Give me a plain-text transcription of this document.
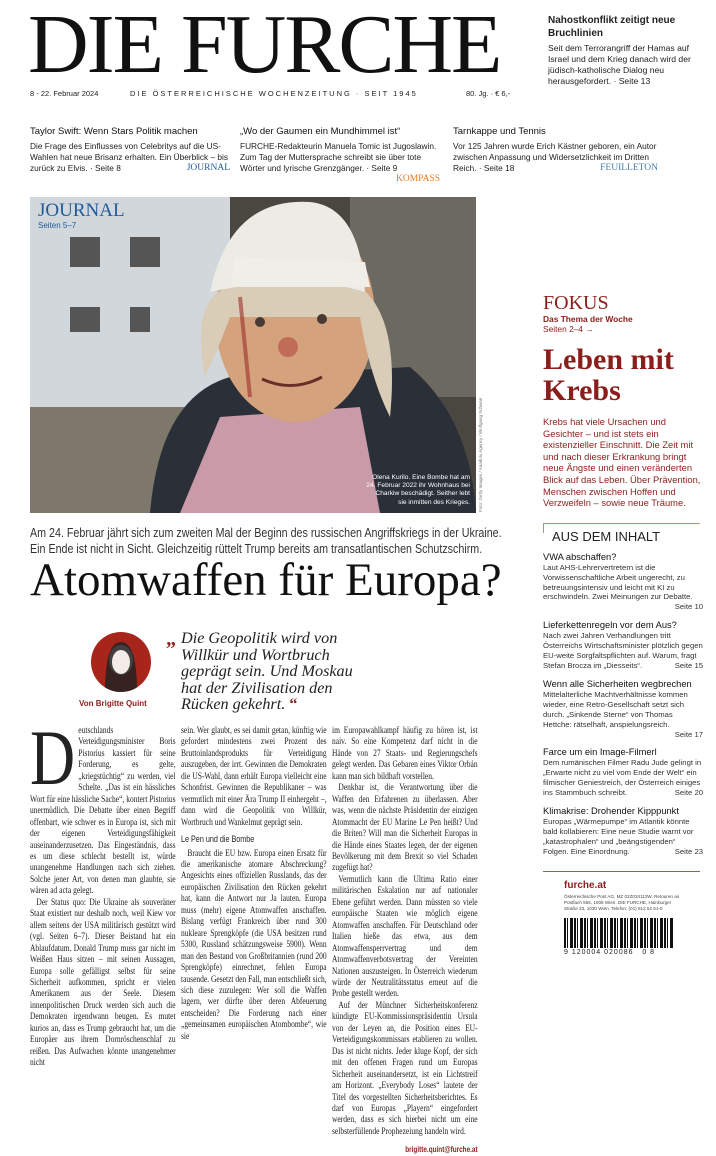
DIE FURCHE
8 - 22. Februar 2024	DIE ÖSTERREICHISCHE WOCHENZEITUNG · SEIT 1945	80. Jg. · € 6,-
Nahostkonflikt zeitigt neue Bruchlinien

Seit dem Terrorangriff der Hamas auf Israel und dem Krieg danach wird der jüdisch-katholische Dialog neu herausgefordert. · Seite 13

Taylor Swift: Wenn Stars Politik machen

Die Frage des Einflusses von Celebritys auf die US-Wahlen hat neue Brisanz erhalten. Ein Überblick – bis zurück zu Elvis. · Seite 8	JOURNAL

„Wo der Gaumen ein Mundhimmel ist“

FURCHE-Redakteurin Manuela Tomic ist Jugoslawin. Zum Tag der Muttersprache schreibt sie über tote Wörter und lyrische Grenzgänger. · Seite 9
KOMPASS

Tarnkappe und Tennis

Vor 125 Jahren wurde Erich Kästner geboren, ein Autor zwischen Anpassung und Widersetzlichkeit im Dritten Reich. · Seite 18	FEUILLETON

JOURNAL
Seiten 5–7
Olena Kurilo. Eine Bombe hat am 24. Februar 2022 ihr Wohnhaus bei Charkiw beschädigt. Seither lebt sie inmitten des Krieges. Foto: Getty Images / Anadolu Agency / Wolfgang Schwan
FOKUS
Das Thema der Woche
Seiten 2–4 →
Leben mit Krebs
Krebs hat viele Ursachen und Gesichter – und ist stets ein existenzieller Einschnitt. Die Zeit mit und nach dieser Erkrankung bringt neue Ängste und einen veränderten Blick auf das Leben. Über Prävention, Menschen zwischen Hoffen und Verzweifeln – sowie neue Träume.
AUS DEM INHALT
VWA abschaffen?

Laut AHS-Lehrervertretern ist die Vorwissenschaftliche Arbeit ungerecht, zu betreuungsintensiv und leicht mit KI zu erschwindeln. Zwei Meinungen zur Debatte.
Seite 10

Lieferkettenregeln vor dem Aus?

Nach zwei Jahren Verhandlungen tritt Österreichs Wirtschaftsminister plötzlich gegen EU-weite Sorgfaltspflichten auf. Warum, fragt Stefan Brocza im „Diesseits“.	Seite 15

Wenn alle Sicherheiten wegbrechen

Mittelalterliche Machtverhältnisse kommen wieder, eine Retro-Gesellschaft setzt sich durch. „Sinkende Sterne“ von Thomas Hettche: rätselhaft, anspielungsreich.
Seite 17

Farce um ein Image-Filmerl

Dem rumänischen Filmer Radu Jude gelingt in „Erwarte nicht zu viel vom Ende der Welt“ ein filmischer Geniestreich, der Österreich einiges ins Stammbuch schreibt.	Seite 20

Klimakrise: Drohender Kipppunkt

Europas „Wärmepumpe“ im Atlantik könnte bald kollabieren: Eine neue Studie warnt vor „katastrophalen“ und „beängstigenden“ Folgen. Eine Einordnung.	Seite 23

furche.at
Österreichische Post AG, MZ 02Z034113W, Retouren an Postfach 555, 1008 Wien. DIE FURCHE, Hainburger Straße 33, 1030 Wien. Telefon: (01) 512 52 61-0
9 120004 020086   0 8
Am 24. Februar jährt sich zum zweiten Mal der Beginn des russischen Angriffskriegs in der Ukraine. Ein Ende ist nicht in Sicht. Gleichzeitig rüttelt Trump bereits am transatlantischen Schutzschirm.
Atomwaffen für Europa?
Von Brigitte Quint
„ Die Geopolitik wird von Willkür und Wortbruch geprägt sein. Und Moskau hat der Zivilisation den Rücken gekehrt. “
D eutschlands Verteidigungsminister Boris Pistorius kassiert für seine Forderung, es gelte, „kriegstüchtig“ zu werden, viel Schelte. „Das ist ein hässliches Wort für eine hässliche Sache“, kontert Pistorius unermüdlich. Die Debatte über einen Begriff offenbart, wie schwer es in Europa ist, sich mit der eigenen Verteidigungsfähigkeit auseinanderzusetzen. Das Eingeständnis, dass es um diese schlecht bestellt ist, würde unangenehme Handlungen nach sich ziehen. Solche jener Art, von denen man glaubte, sie wären ad acta gelegt.

Der Status quo: Die Ukraine als souveräner Staat existiert nur deshalb noch, weil Kiew vor allem seitens der USA militärisch gestützt wird (vgl. Seiten 6–7). Dieser Beistand hat ein Ablaufdatum. Donald Trump muss gar nicht im Weißen Haus sitzen – mit seinen Aussagen, Europa solle gefälligst selbst für seine Sicherheit aufkommen, spricht er vielen Amerikanern aus der Seele. Diesem innenpolitischen Druck werden sich auch die Demokraten irgendwann beugen. Es mutet kurios an, dass es Trump gebraucht hat, um die Europäer aus ihrem Dornröschenschlaf zu reißen. Das Aufwachen könnte unangenehmer nicht

sein. Wer glaubt, es sei damit getan, künftig wie gefordert mindestens zwei Prozent des Bruttoinlandsprodukts für Verteidigung auszugeben, der irrt. Gewinnen die Demokraten die US-Wahl, dann erhält Europa vielleicht eine Schonfrist. Gewinnen die Republikaner – was vermutlich mit einer Ära Trump II einhergeht –, dann wird die Geopolitik von Willkür, Wortbruch und Wankelmut geprägt sein.

Le Pen und die Bombe

Braucht die EU bzw. Europa einen Ersatz für die amerikanische atomare Abschreckung? Angesichts eines offiziellen Russlands, das der europäischen Zivilisation den Rücken gekehrt hat, kann die Antwort nur Ja lauten. Europa muss (mehr) eigene Atomwaffen anschaffen. Bislang verfügt Frankreich über rund 300 nukleare Sprengköpfe (die USA besitzen rund 5300, Russland schätzungsweise 5900). Wenn man den Bestand von Großbritannien (rund 200 Sprengköpfe) einrechnet, fehlen Europa tausende. Gesetzt den Fall, man entschließt sich, sich diese zuzulegen: Wer soll die Waffen lagern, wer dürfte über deren Abfeuerung entscheiden? Die Forderung nach einer „gemeinsamen europäischen Atombombe“, wie sie

im Europawahlkampf häufig zu hören ist, ist naiv. So eine Kompetenz darf nicht in die Hände von 27 Staats- und Regierungschefs gelegt werden. Das Gebaren eines Viktor Orbán kann man sich bildhaft vorstellen.

Denkbar ist, die Verantwortung über die Waffen den Erfahrenen zu überlassen. Aber was, wenn die nächste Präsidentin der einzigen Atommacht der EU Marine Le Pen heißt? Und die Briten? Will man die Sicherheit Europas in die Hände eines Staates legen, der der eigenen Bevölkerung mit dem Brexit so viel Schaden zugefügt hat?

Vermutlich kann die Ultima Ratio einer militärischen Eskalation nur auf nationaler Ebene geführt werden. Dann müssten so viele europäische Staaten wie möglich eigene Atomwaffen anschaffen. Für Deutschland oder Italien hieße das etwa, aus dem Atomwaffensperrvertrag und dem Atomwaffenverbotsvertrag der Vereinten Nationen auszusteigen. In Österreich wiederum würde der Neutralitätsstatus erneut auf die Probe gestellt werden.

Auf der Münchner Sicherheitskonferenz kündigte EU-Kommissionspräsidentin Ursula von der Leyen an, die Position eines EU-Verteidigungskommissars etablieren zu wollen. Das ist nicht nichts. Jeder kluge Kopf, der sich mit den offenen Fragen rund um Europas Sicherheit auseinandersetzt, ist ein Lichtstreif am Horizont. „Everybody Loses“ lautete der Titel des vorgestellten Sicherheitsberichtes. Es darf von Europas „Playern“ eingefordert werden, dass es sich hierbei nicht um eine selbsterfüllende Prophezeiung handeln wird.

brigitte.quint@furche.at
